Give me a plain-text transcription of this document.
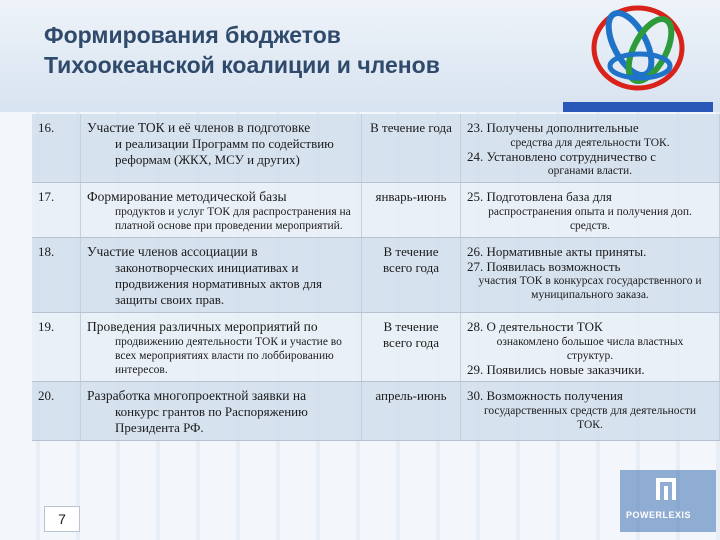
Формирования бюджетов
Тихоокеанской коалиции и членов
16.	Участие ТОК и её членов в подготовке
и реализации Программ по содействию реформам (ЖКХ, МСУ и других)	В течение года	23. Получены дополнительные
средства для деятельности ТОК.
24. Установлено сотрудничество с
органами власти.

17.	Формирование методической базы
продуктов и услуг ТОК для распространения на платной основе при проведении мероприятий.	январь-июнь	25. Подготовлена база для
распространения опыта и получения доп. средств.

18.	Участие членов ассоциации в
законотворческих инициативах и продвижения нормативных актов для защиты своих прав.	В течение всего года	26. Нормативные акты приняты.
27. Появилась возможность
участия ТОК в конкурсах государственного и муниципального заказа.

19.	Проведения различных мероприятий по
продвижению деятельности ТОК и участие во всех мероприятиях власти по лоббированию интересов.	В течение всего года	28. О деятельности ТОК
ознакомлено большое числа властных структур.
29. Появились новые заказчики.

20.	Разработка многопроектной заявки на
конкурс грантов по Распоряжению Президента РФ.	апрель-июнь	30. Возможность получения
государственных средств для деятельности ТОК.
7	POWERLEXIS
